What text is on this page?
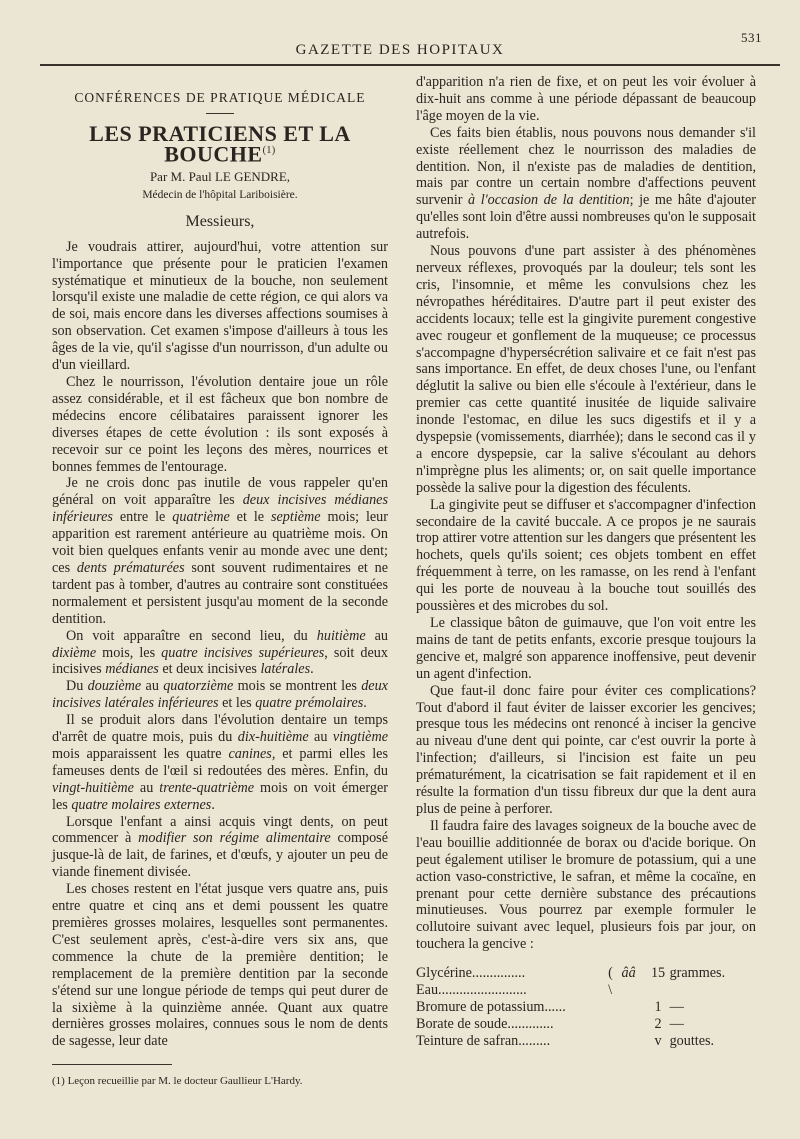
531
GAZETTE DES HOPITAUX
CONFÉRENCES DE PRATIQUE MÉDICALE
LES PRATICIENS ET LA BOUCHE$^{(1)}$
Par M. Paul LE GENDRE,
Médecin de l'hôpital Lariboisière.
Messieurs,

Je voudrais attirer, aujourd'hui, votre attention sur l'importance que présente pour le praticien l'examen systématique et minutieux de la bouche, non seulement lorsqu'il existe une maladie de cette région, ce qui alors va de soi, mais encore dans les diverses affections soumises à son observation. Cet examen s'impose d'ailleurs à tous les âges de la vie, qu'il s'agisse d'un nourrisson, d'un adulte ou d'un vieillard.

Chez le nourrisson, l'évolution dentaire joue un rôle assez considérable, et il est fâcheux que bon nombre de médecins encore célibataires paraissent ignorer les diverses étapes de cette évolution : ils sont exposés à recevoir sur ce point les leçons des mères, nourrices et bonnes femmes de l'entourage.

Je ne crois donc pas inutile de vous rappeler qu'en général on voit apparaître les deux incisives médianes inférieures entre le quatrième et le septième mois; leur apparition est rarement antérieure au quatrième mois. On voit bien quelques enfants venir au monde avec une dent; ces dents prématurées sont souvent rudimentaires et ne tardent pas à tomber, d'autres au contraire sont constituées normalement et persistent jusqu'au moment de la seconde dentition.

On voit apparaître en second lieu, du huitième au dixième mois, les quatre incisives supérieures, soit deux incisives médianes et deux incisives latérales.

Du douzième au quatorzième mois se montrent les deux incisives latérales inférieures et les quatre prémolaires.

Il se produit alors dans l'évolution dentaire un temps d'arrêt de quatre mois, puis du dix-huitième au vingtième mois apparaissent les quatre canines, et parmi elles les fameuses dents de l'œil si redoutées des mères. Enfin, du vingt-huitième au trente-quatrième mois on voit émerger les quatre molaires externes.

Lorsque l'enfant a ainsi acquis vingt dents, on peut commencer à modifier son régime alimentaire composé jusque-là de lait, de farines, et d'œufs, y ajouter un peu de viande finement divisée.

Les choses restent en l'état jusque vers quatre ans, puis entre quatre et cinq ans et demi poussent les quatre premières grosses molaires, lesquelles sont permanentes. C'est seulement après, c'est-à-dire vers six ans, que commence la chute de la première dentition; le remplacement de la première dentition par la seconde s'étend sur une longue période de temps qui peut durer de la sixième à la quinzième année. Quant aux quatre dernières grosses molaires, connues sous le nom de dents de sagesse, leur date

(1) Leçon recueillie par M. le docteur Gaullieur L'Hardy.

d'apparition n'a rien de fixe, et on peut les voir évoluer à dix-huit ans comme à une période dépassant de beaucoup l'âge moyen de la vie.

Ces faits bien établis, nous pouvons nous demander s'il existe réellement chez le nourrisson des maladies de dentition. Non, il n'existe pas de maladies de dentition, mais par contre un certain nombre d'affections peuvent survenir à l'occasion de la dentition; je me hâte d'ajouter qu'elles sont loin d'être aussi nombreuses qu'on le supposait autrefois.

Nous pouvons d'une part assister à des phénomènes nerveux réflexes, provoqués par la douleur; tels sont les cris, l'insomnie, et même les convulsions chez les névropathes héréditaires. D'autre part il peut exister des accidents locaux; telle est la gingivite purement congestive avec rougeur et gonflement de la muqueuse; ce processus s'accompagne d'hypersécrétion salivaire et ce fait n'est pas sans importance. En effet, de deux choses l'une, ou l'enfant déglutit la salive ou bien elle s'écoule à l'extérieur, dans le premier cas cette quantité inusitée de liquide salivaire inonde l'estomac, en dilue les sucs digestifs et il y a dyspepsie (vomissements, diarrhée); dans le second cas il y a encore dyspepsie, car la salive s'écoulant au dehors n'imprègne plus les aliments; or, on sait quelle importance possède la salive pour la digestion des féculents.

La gingivite peut se diffuser et s'accompagner d'infection secondaire de la cavité buccale. A ce propos je ne saurais trop attirer votre attention sur les dangers que présentent les hochets, quels qu'ils soient; ces objets tombent en effet fréquemment à terre, on les ramasse, on les rend à l'enfant qui les porte de nouveau à la bouche tout souillés des poussières et des microbes du sol.

Le classique bâton de guimauve, que l'on voit entre les mains de tant de petits enfants, excorie presque toujours la gencive et, malgré son apparence inoffensive, peut devenir un agent d'infection.

Que faut-il donc faire pour éviter ces complications? Tout d'abord il faut éviter de laisser excorier les gencives; presque tous les médecins ont renoncé à inciser la gencive au niveau d'une dent qui pointe, car c'est ouvrir la porte à l'infection; d'ailleurs, si l'incision est faite un peu prématurément, la cicatrisation se fait rapidement et il en résulte la formation d'un tissu fibreux dur que la dent aura plus de peine à perforer.

Il faudra faire des lavages soigneux de la bouche avec de l'eau bouillie additionnée de borax ou d'acide borique. On peut également utiliser le bromure de potassium, qui a une action vaso-constrictive, le safran, et même la cocaïne, en prenant pour cette dernière substance des précautions minutieuses. Vous pourrez par exemple formuler le collutoire suivant avec lequel, plusieurs fois par jour, on touchera la gencive :

Glycérine...............	( ââ	15 grammes.
Eau.........................	\
Bromure de potassium......	1 —
Borate de soude.............	2 —
Teinture de safran.........	v gouttes.
